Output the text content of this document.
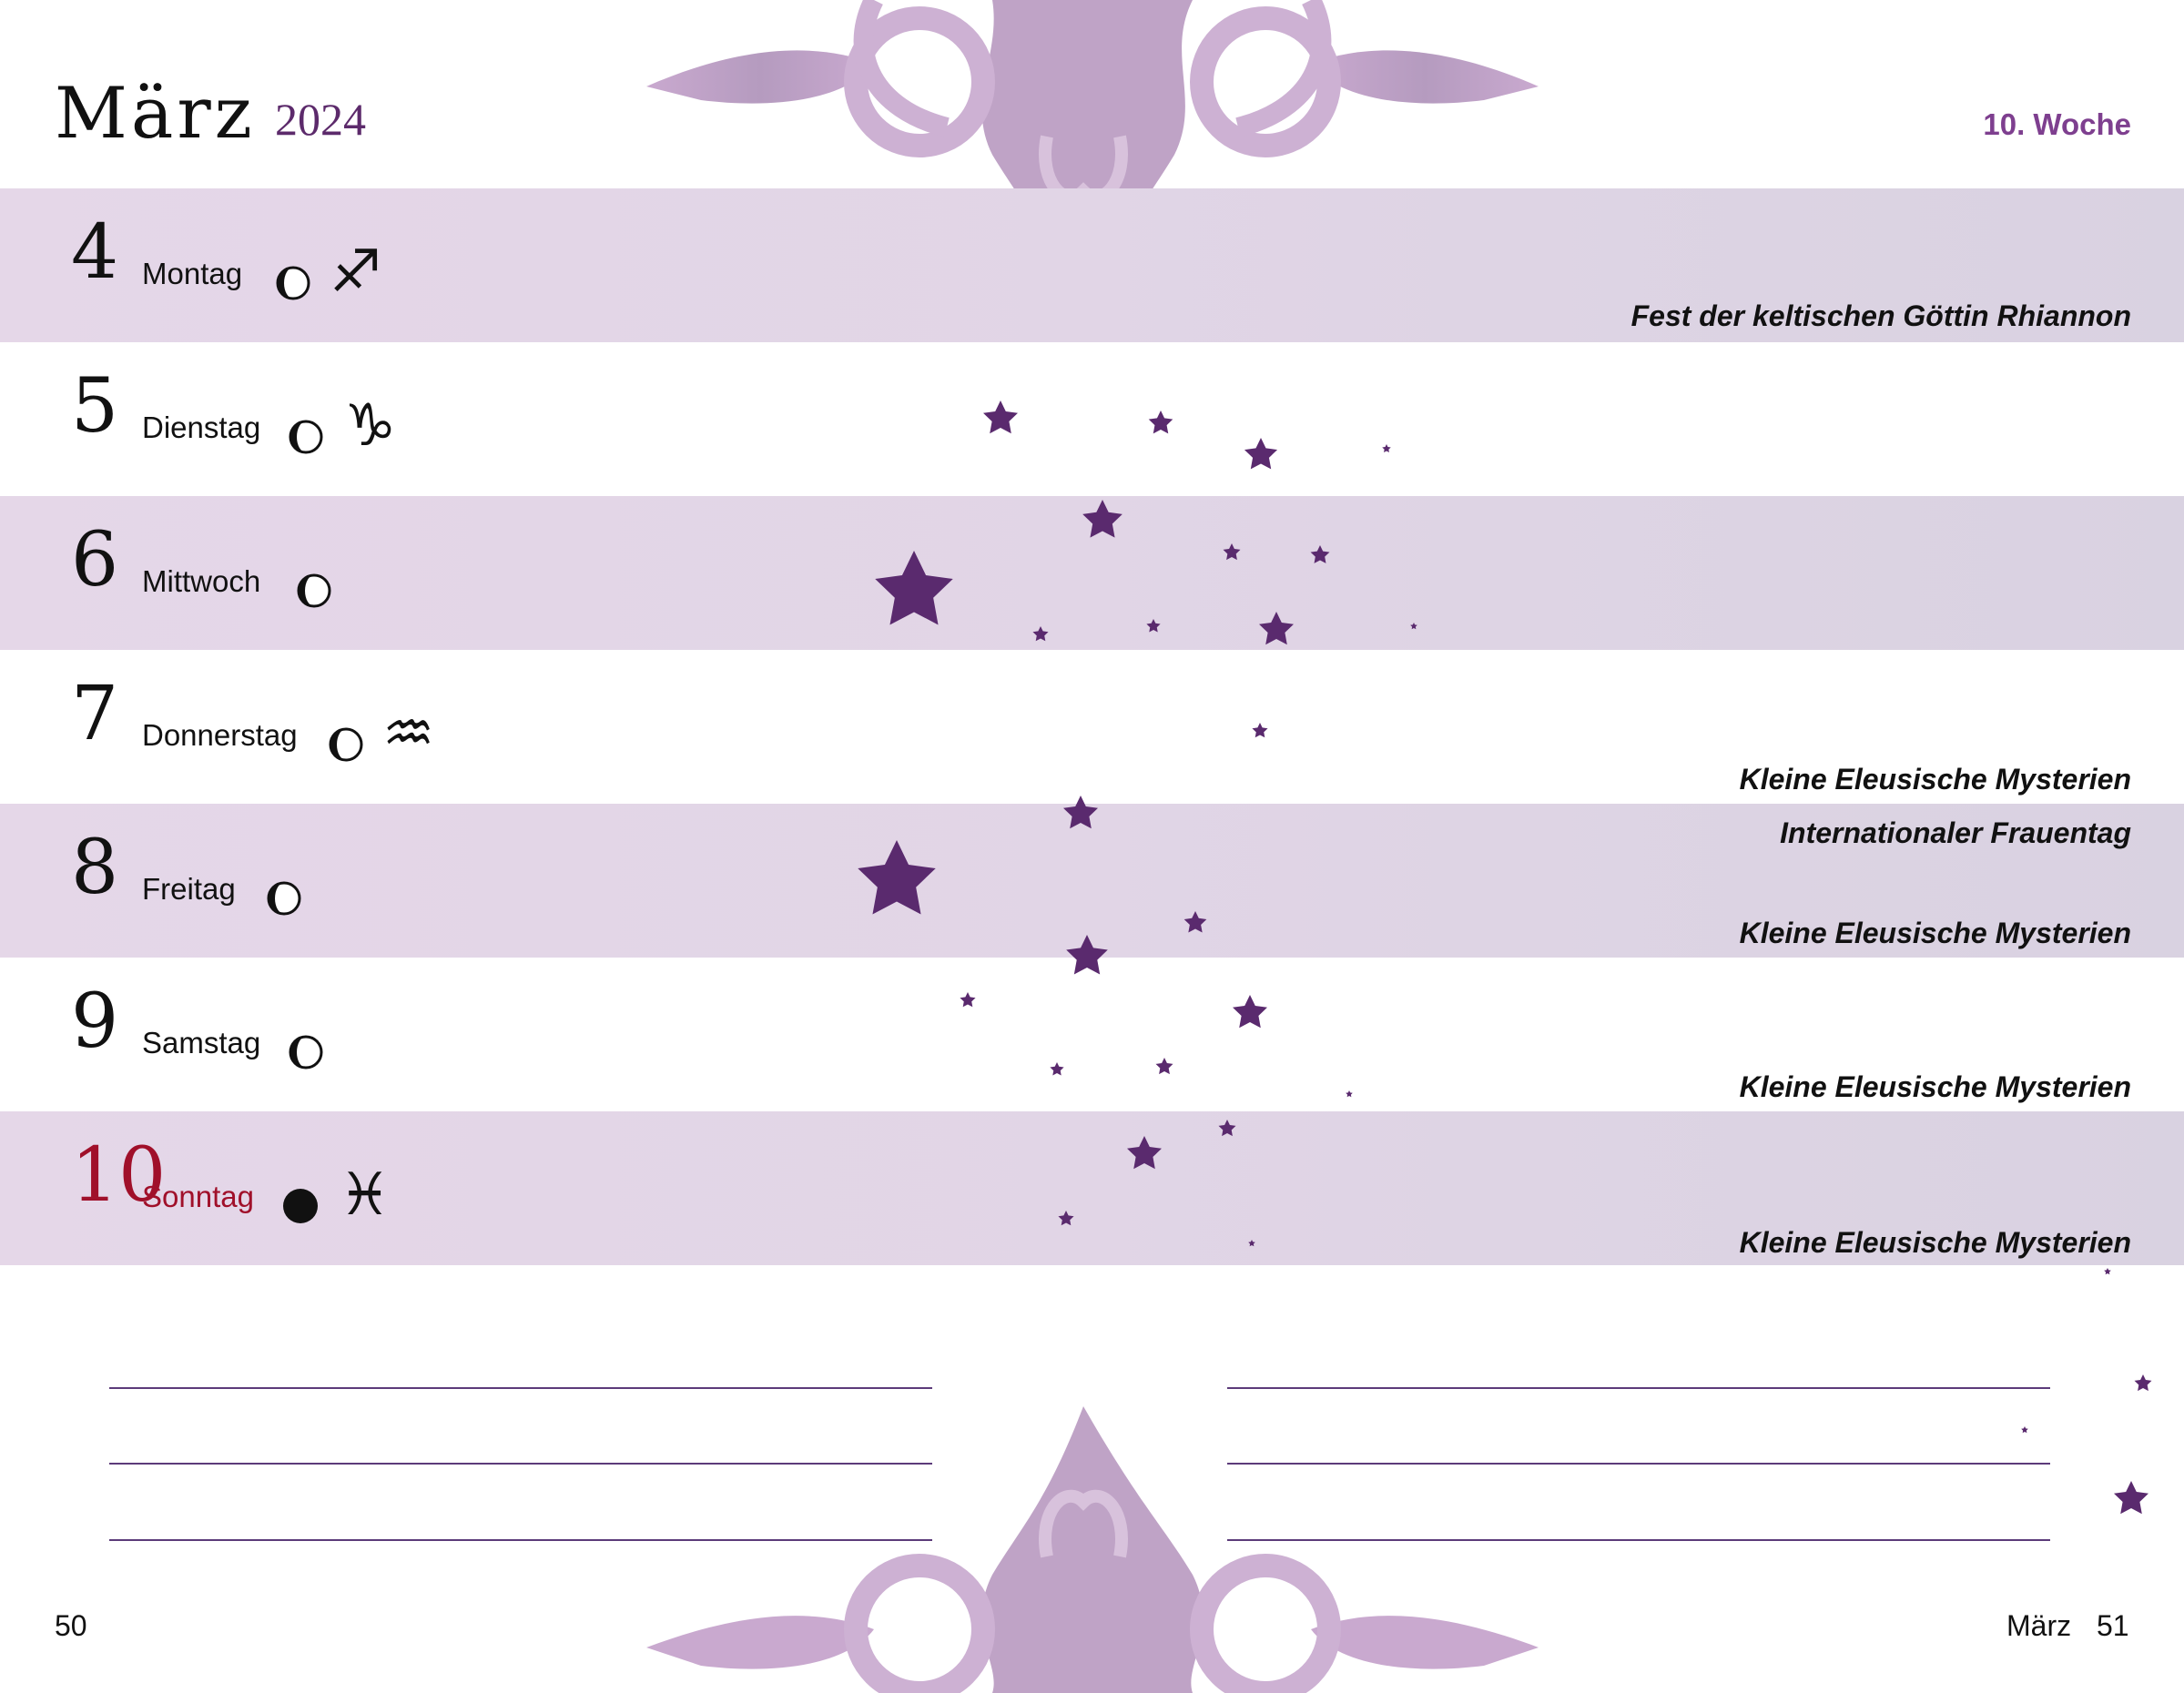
März 2024	10. Woche
4 Montag ♐
Fest der keltischen Göttin Rhiannon
5 Dienstag ♑
6 Mittwoch
7 Donnerstag ♒
Kleine Eleusische Mysterien
8 Freitag
Internationaler Frauentag
Kleine Eleusische Mysterien
9 Samstag
Kleine Eleusische Mysterien
10
Sonntag ♓
Kleine Eleusische Mysterien
50	März 51
